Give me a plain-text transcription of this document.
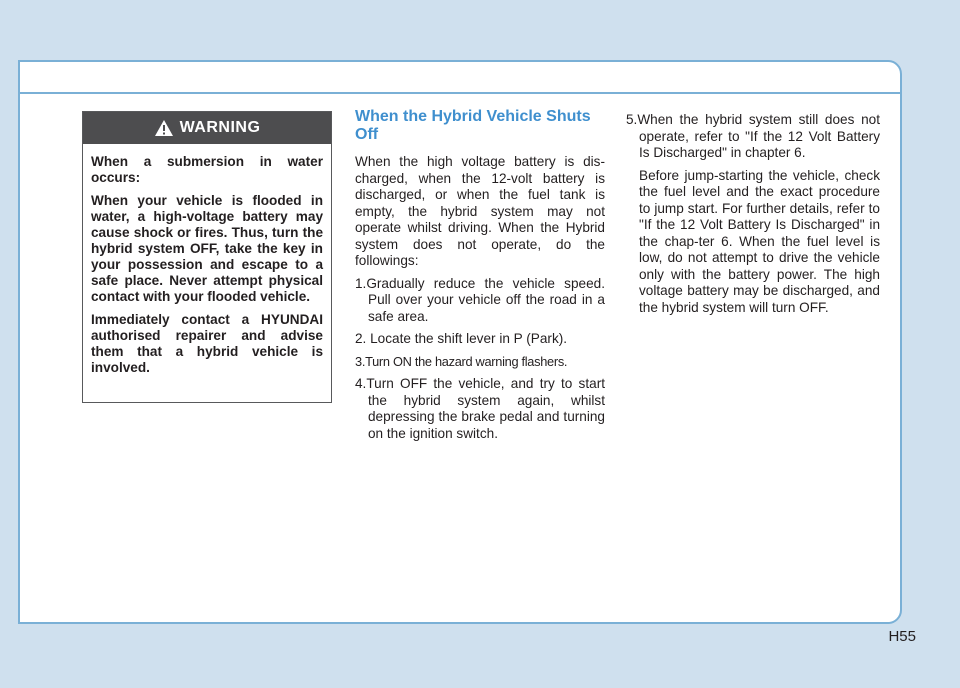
WARNING

When a submersion in water occurs:

When your vehicle is flooded in water, a high-voltage battery may cause shock or fires. Thus, turn the hybrid system OFF, take the key in your possession and escape to a safe place. Never attempt physical contact with your flooded vehicle.

Immediately contact a HYUNDAI authorised repairer and advise them that a hybrid vehicle is involved.

When the Hybrid Vehicle Shuts Off

When the high voltage battery is dis-charged, when the 12-volt battery is discharged, or when the fuel tank is empty, the hybrid system may not operate whilst driving. When the Hybrid system does not operate, do the followings:

1.Gradually reduce the vehicle speed. Pull over your vehicle off the road in a safe area.

2. Locate the shift lever in P (Park).

3.Turn ON the hazard warning flashers.

4.Turn OFF the vehicle, and try to start the hybrid system again, whilst depressing the brake pedal and turning on the ignition switch.

5.When the hybrid system still does not operate, refer to "If the 12 Volt Battery Is Discharged" in chapter 6.

Before jump-starting the vehicle, check the fuel level and the exact procedure to jump start. For further details, refer to "If the 12 Volt Battery Is Discharged" in the chap-ter 6. When the fuel level is low, do not attempt to drive the vehicle only with the battery power. The high voltage battery may be discharged, and the hybrid system will turn OFF.

H55
